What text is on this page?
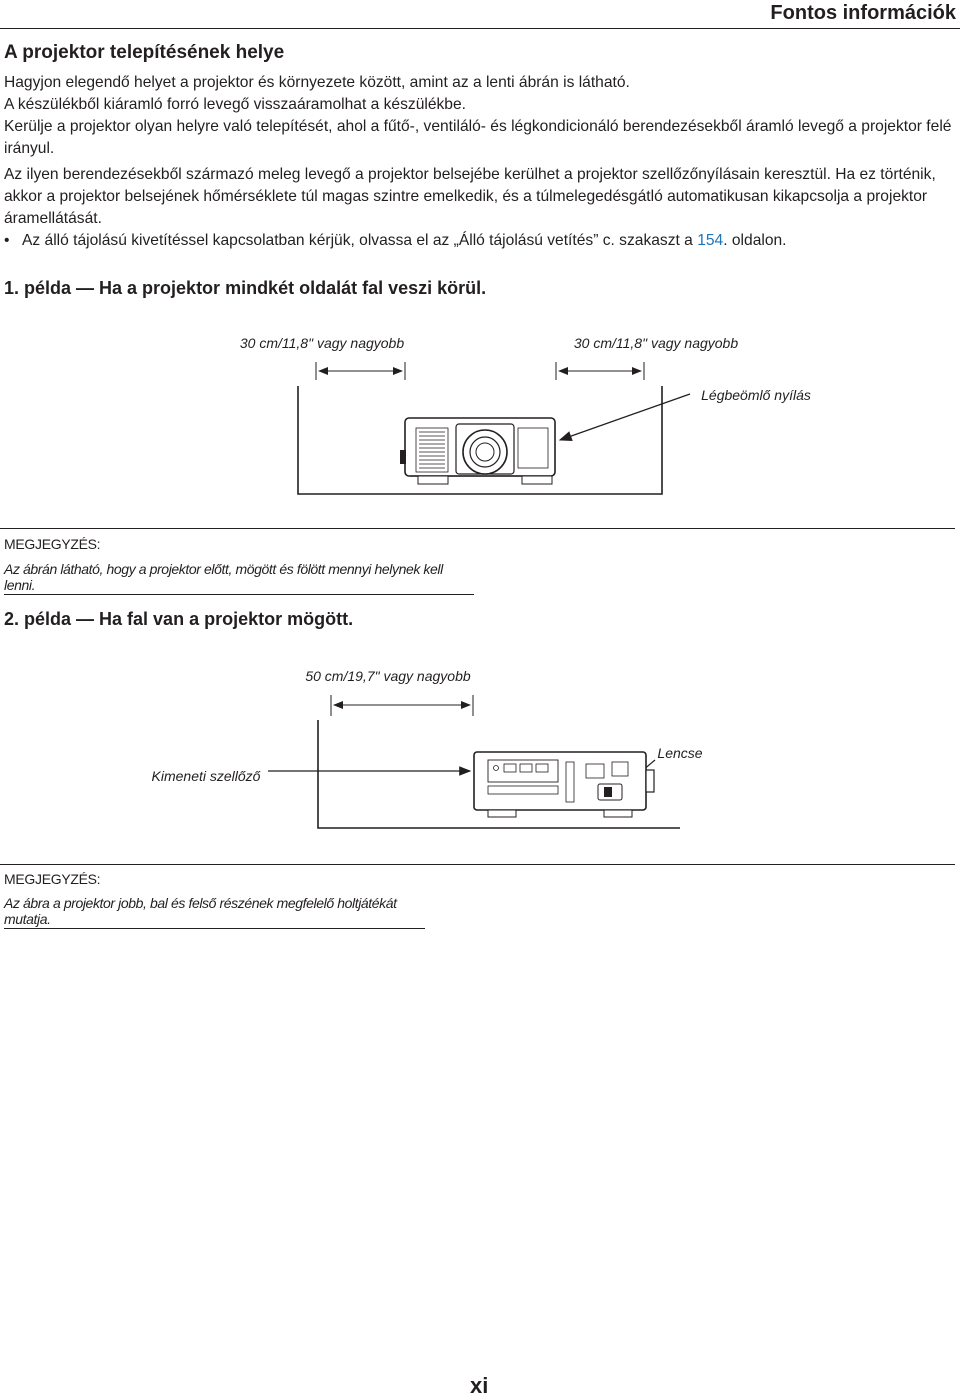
Fontos információk
A projektor telepítésének helye

Hagyjon elegendő helyet a projektor és környezete között, amint az a lenti ábrán is látható.

A készülékből kiáramló forró levegő visszaáramolhat a készülékbe.

Kerülje a projektor olyan helyre való telepítését, ahol a fűtő-, ventiláló- és légkondicionáló berendezésekből áramló levegő a projektor felé irányul.

Az ilyen berendezésekből származó meleg levegő a projektor belsejébe kerülhet a projektor szellőzőnyílásain keresztül. Ha ez történik, akkor a projektor belsejének hőmérséklete túl magas szintre emelkedik, és a túlmelegedésgátló automatikusan kikapcsolja a projektor áramellátását.

• Az álló tájolású kivetítéssel kapcsolatban kérjük, olvassa el az „Álló tájolású vetítés” c. szakaszt a 154. oldalon.
1. példa — Ha a projektor mindkét oldalát fal veszi körül.
30 cm/11,8" vagy nagyobb	30 cm/11,8" vagy nagyobb
Légbeömlő nyílás
MEGJEGYZÉS:
Az ábrán látható, hogy a projektor előtt, mögött és fölött mennyi helynek kell lenni.
2. példa — Ha fal van a projektor mögött.
50 cm/19,7" vagy nagyobb
Kimeneti szellőző
Lencse
MEGJEGYZÉS:
Az ábra a projektor jobb, bal és felső részének megfelelő holtjátékát mutatja.
xi
